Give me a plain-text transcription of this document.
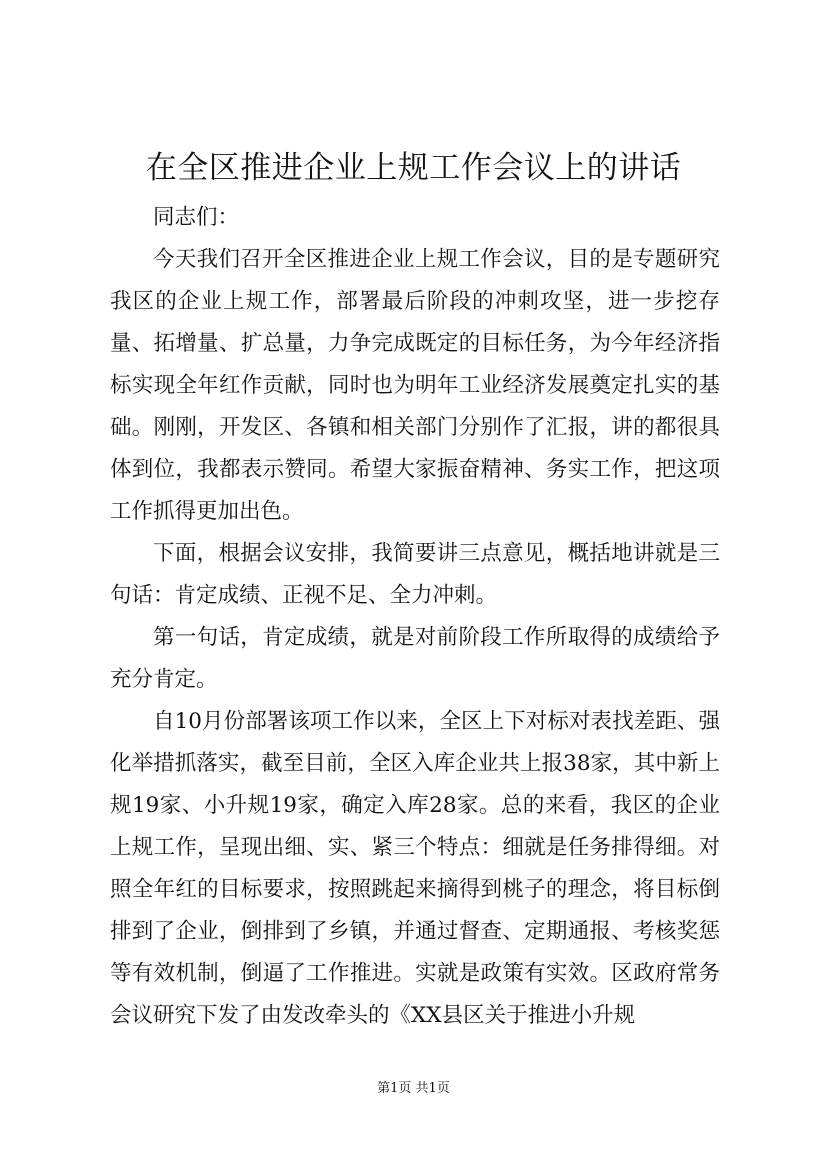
在全区推进企业上规工作会议上的讲话

同志们：

今天我们召开全区推进企业上规工作会议，目的是专题研究我区的企业上规工作，部署最后阶段的冲刺攻坚，进一步挖存量、拓增量、扩总量，力争完成既定的目标任务，为今年经济指标实现全年红作贡献，同时也为明年工业经济发展奠定扎实的基础。刚刚，开发区、各镇和相关部门分别作了汇报，讲的都很具体到位，我都表示赞同。希望大家振奋精神、务实工作，把这项工作抓得更加出色。

下面，根据会议安排，我简要讲三点意见，概括地讲就是三句话：肯定成绩、正视不足、全力冲刺。

第一句话，肯定成绩，就是对前阶段工作所取得的成绩给予充分肯定。

自10月份部署该项工作以来，全区上下对标对表找差距、强化举措抓落实，截至目前，全区入库企业共上报38家，其中新上规19家、小升规19家，确定入库28家。总的来看，我区的企业上规工作，呈现出细、实、紧三个特点：细就是任务排得细。对照全年红的目标要求，按照跳起来摘得到桃子的理念，将目标倒排到了企业，倒排到了乡镇，并通过督查、定期通报、考核奖惩等有效机制，倒逼了工作推进。实就是政策有实效。区政府常务会议研究下发了由发改牵头的《XX县区关于推进小升规

第1页 共1页
